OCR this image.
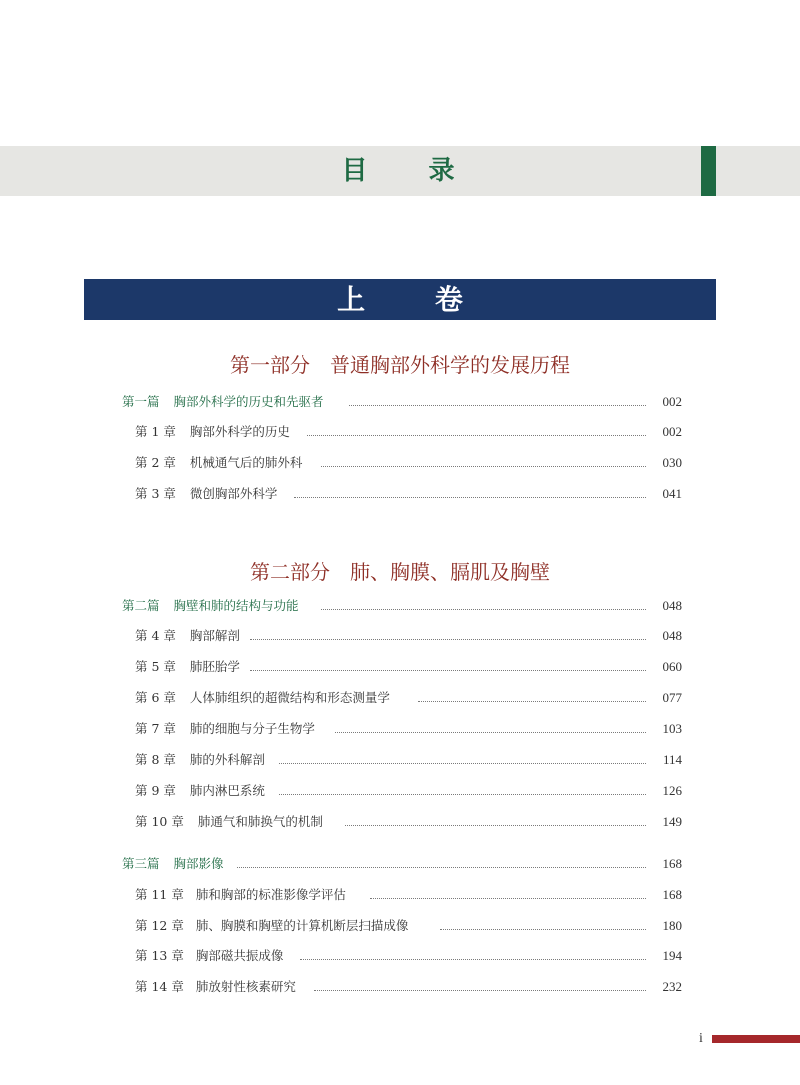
目 录
上 卷
第一部分　普通胸部外科学的发展历程
第一篇 胸部外科学的历史和先驱者	002
第 1 章 胸部外科学的历史	002
第 2 章 机械通气后的肺外科	030
第 3 章 微创胸部外科学	041
第二部分　肺、胸膜、膈肌及胸壁
第二篇 胸壁和肺的结构与功能	048
第 4 章 胸部解剖	048
第 5 章 肺胚胎学	060
第 6 章 人体肺组织的超微结构和形态测量学	077
第 7 章 肺的细胞与分子生物学	103
第 8 章 肺的外科解剖	114
第 9 章 肺内淋巴系统	126
第 10 章 肺通气和肺换气的机制	149
第三篇 胸部影像	168
第 11 章 肺和胸部的标准影像学评估	168
第 12 章 肺、胸膜和胸壁的计算机断层扫描成像	180
第 13 章 胸部磁共振成像	194
第 14 章 肺放射性核素研究	232
i
